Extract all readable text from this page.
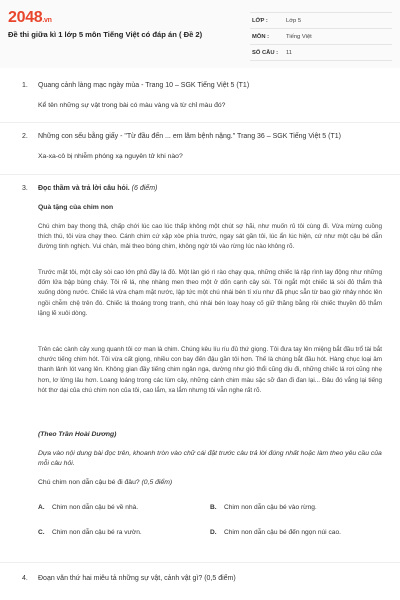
2048.vn
Đề thi giữa kì 1 lớp 5 môn Tiếng Việt có đáp án ( Đề 2)
LỚP :	Lớp 5
MÔN :	Tiếng Việt
SỐ CÂU :	11
1. Quang cảnh làng mạc ngày mùa - Trang 10 – SGK Tiếng Việt 5 (T1)
Kể tên những sự vật trong bài có màu vàng và từ chỉ màu đó?
2. Những con sếu bằng giấy - "Từ đầu đến ... em lâm bệnh nặng." Trang 36 – SGK Tiếng Việt 5 (T1)
Xa-xa-cô bị nhiễm phóng xạ nguyên tử khi nào?
3. Đọc thầm và trả lời câu hỏi. (6 điểm)
Quà tặng của chim non
Chú chim bay thong thả, chấp chới lúc cao lúc thấp không một chút sợ hãi, như muốn rủ tôi cùng đi. Vừa mừng cuồng thích thú, tôi vừa chạy theo. Cánh chim cứ xập xòe phía trước, ngay sát gần tôi, lúc ẩn lúc hiện, cứ như một cậu bé dẫn đường tinh nghịch. Vui chân, mải theo bóng chim, không ngờ tôi vào rừng lúc nào không rõ.
Trước mặt tôi, một cây sòi cao lớn phủ đầy lá đỏ. Một làn gió rì rào chạy qua, những chiếc lá rập rình lay động như những đốm lửa bập bùng cháy. Tôi rẽ lá, nhẹ nhàng men theo một ở dốn cạnh cây sòi. Tôi ngắt một chiếc lá sòi đỏ thắm thả xuống dòng nước. Chiếc lá vừa chạm mặt nước, lập tức một chú nhái bén tí xíu như đã phục sẵn từ bao giờ nhảy nhóc lên ngồi chễm chệ trên đó. Chiếc lá thoáng trong tranh, chú nhái bén loay hoay cố giữ thăng bằng rồi chiếc thuyền đỏ thắm lặng lẽ xuôi dòng.
Trên các cành cây xung quanh tôi cơ man là chim. Chúng kêu líu ríu đủ thứ giọng. Tôi đưa tay lên miệng bắt đầu trổ tài bắt chước tiếng chim hót. Tôi vừa cất giọng, nhiều con bay đến đậu gần tôi hơn. Thế là chúng bắt đầu hót. Hàng chục loại âm thanh lảnh lót vang lên. Không gian đầy tiếng chim ngân nga, dường như gió thổi cũng dịu đi, những chiếc lá rơi cũng nhẹ hơn, lơ lửng lâu hơn. Loang loáng trong các lùm cây, những cánh chim màu sặc sỡ đan đi đan lại... Đâu đó vắng lại tiếng hót thơ dại của chú chim non của tôi, cao lắm, xa lắm nhưng tôi vẫn nghe rất rõ.
(Theo Trần Hoài Dương)
Dựa vào nội dung bài đọc trên, khoanh tròn vào chữ cái đặt trước câu trả lời đúng nhất hoặc làm theo yêu cầu của mỗi câu hỏi.
Chú chim non dẫn cậu bé đi đâu? (0,5 điểm)
A. Chim non dẫn cậu bé về nhà.	B. Chim non dẫn cậu bé vào rừng.
C. Chim non dẫn cậu bé ra vườn.	D. Chim non dẫn cậu bé đến ngọn núi cao.
4. Đoạn văn thứ hai miêu tả những sự vật, cảnh vật gì? (0,5 điểm)
